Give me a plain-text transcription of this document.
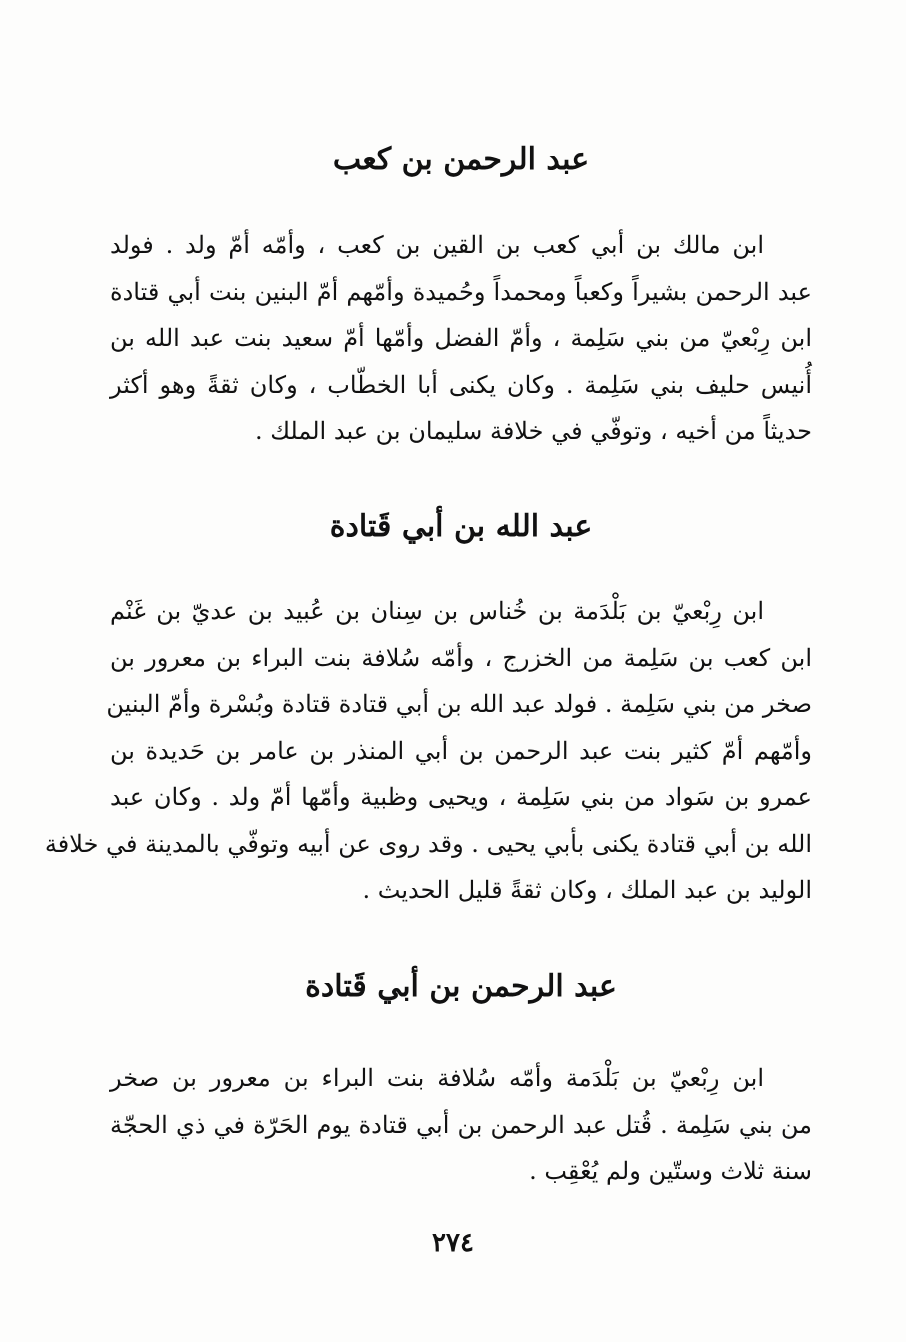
عبد الرحمن بن كعب

ابن مالك بن أبي كعب بن القين بن كعب ، وأمّه أمّ ولد . فولد
عبد الرحمن بشيراً وكعباً ومحمداً وحُميدة وأمّهم أمّ البنين بنت أبي قتادة
ابن رِبْعيّ من بني سَلِمة ، وأمّ الفضل وأمّها أمّ سعيد بنت عبد الله بن
أُنيس حليف بني سَلِمة . وكان يكنى أبا الخطّاب ، وكان ثقةً وهو أكثر
حديثاً من أخيه ، وتوفّي في خلافة سليمان بن عبد الملك .

عبد الله بن أبي قَتادة

ابن رِبْعيّ بن بَلْدَمة بن خُناس بن سِنان بن عُبيد بن عديّ بن غَنْم
ابن كعب بن سَلِمة من الخزرج ، وأمّه سُلافة بنت البراء بن معرور بن
صخر من بني سَلِمة . فولد عبد الله بن أبي قتادة قتادة وبُسْرة وأمّ البنين
وأمّهم أمّ كثير بنت عبد الرحمن بن أبي المنذر بن عامر بن حَديدة بن
عمرو بن سَواد من بني سَلِمة ، ويحيى وظبية وأمّها أمّ ولد . وكان عبد
الله بن أبي قتادة يكنى بأبي يحيى . وقد روى عن أبيه وتوفّي بالمدينة في خلافة
الوليد بن عبد الملك ، وكان ثقةً قليل الحديث .

عبد الرحمن بن أبي قَتادة

ابن رِبْعيّ بن بَلْدَمة وأمّه سُلافة بنت البراء بن معرور بن صخر
من بني سَلِمة . قُتل عبد الرحمن بن أبي قتادة يوم الحَرّة في ذي الحجّة
سنة ثلاث وستّين ولم يُعْقِب .

٢٧٤
